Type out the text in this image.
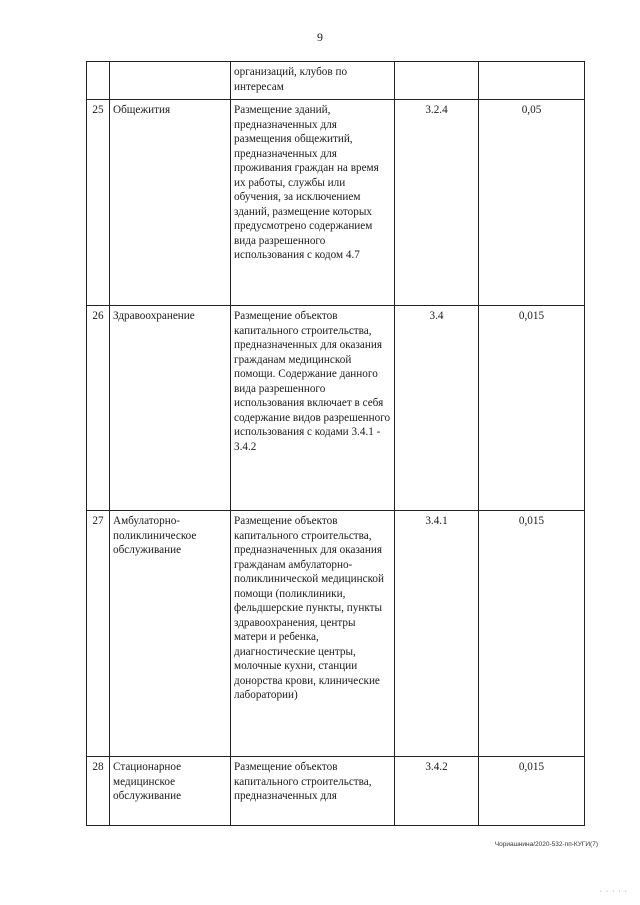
9
		организаций, клубов по интересам		
25	Общежития	Размещение зданий, предназначенных для размещения общежитий, предназначенных для проживания граждан на время их работы, службы или обучения, за исключением зданий, размещение которых предусмотрено содержанием вида разрешенного использования с кодом 4.7	3.2.4	0,05
26	Здравоохранение	Размещение объектов капитального строительства, предназначенных для оказания гражданам медицинской помощи. Содержание данного вида разрешенного использования включает в себя содержание видов разрешенного использования с кодами 3.4.1 - 3.4.2	3.4	0,015
27	Амбулаторно-поликлиническое обслуживание	Размещение объектов капитального строительства, предназначенных для оказания гражданам амбулаторно-поликлинической медицинской помощи (поликлиники, фельдшерские пункты, пункты здравоохранения, центры матери и ребенка, диагностические центры, молочные кухни, станции донорства крови, клинические лаборатории)	3.4.1	0,015
28	Стационарное медицинское обслуживание	Размещение объектов капитального строительства, предназначенных для	3.4.2	0,015
Чориашнина/2020-532-пп-КУГИ(7)
· · · · ·
